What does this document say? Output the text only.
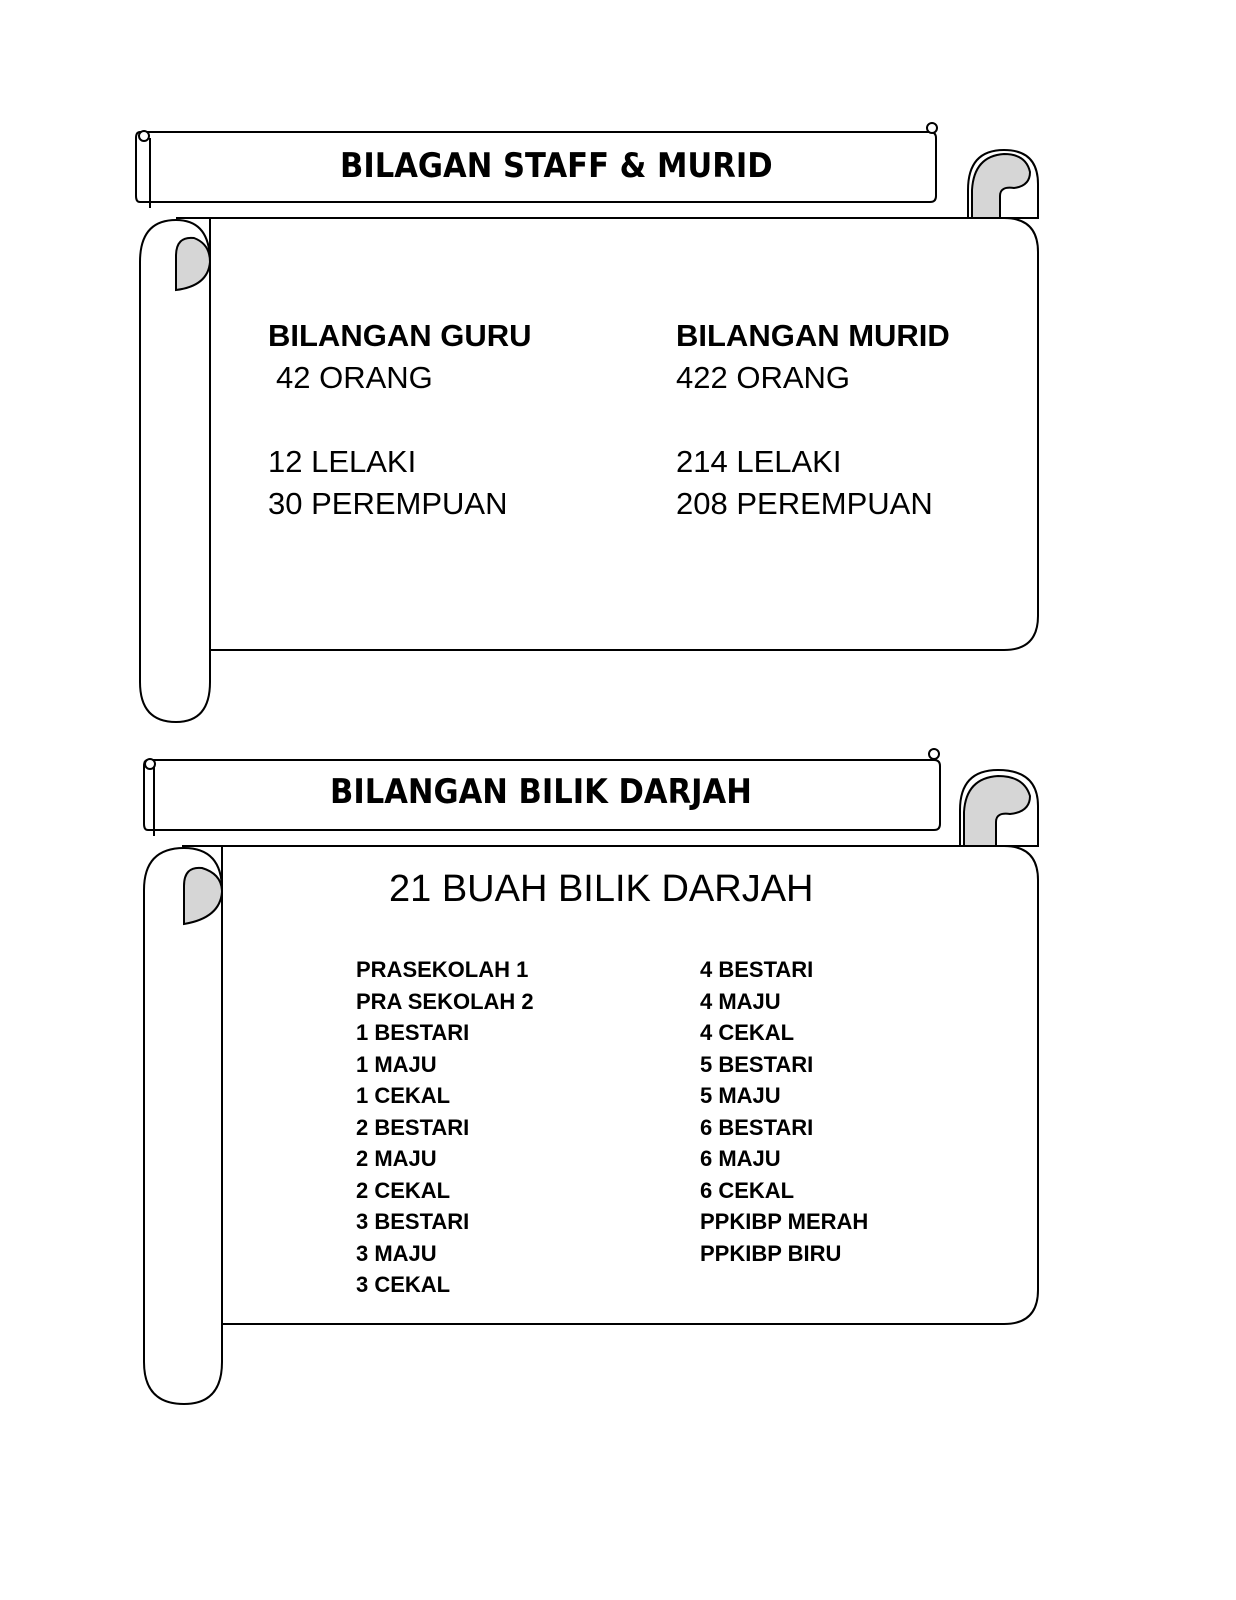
BILAGAN STAFF & MURID
BILANGAN GURU
42 ORANG
12 LELAKI
30 PEREMPUAN
BILANGAN MURID
422 ORANG
214 LELAKI
208 PEREMPUAN
BILANGAN BILIK DARJAH
21 BUAH BILIK DARJAH
PRASEKOLAH 1
PRA SEKOLAH 2
1 BESTARI
1 MAJU
1 CEKAL
2 BESTARI
2 MAJU
2 CEKAL
3 BESTARI
3 MAJU
3 CEKAL
4 BESTARI
4 MAJU
4 CEKAL
5 BESTARI
5 MAJU
6 BESTARI
6 MAJU
6 CEKAL
PPKIBP MERAH
PPKIBP BIRU
